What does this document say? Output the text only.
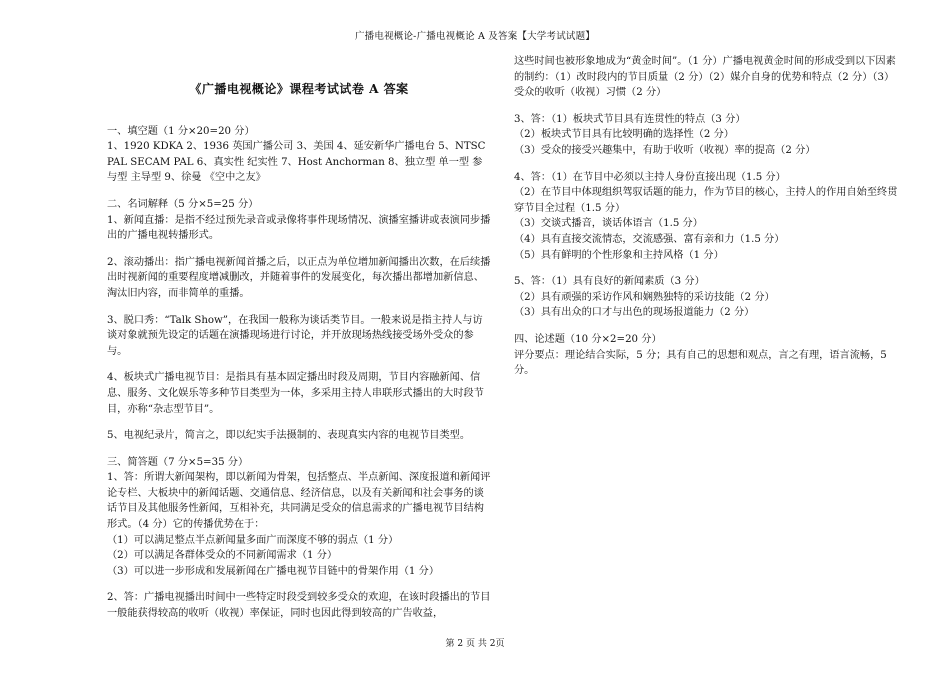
广播电视概论-广播电视概论 A 及答案【大学考试试题】
《广播电视概论》课程考试试卷 A 答案

一、填空题（1 分×20=20 分）

1、1920 KDKA 2、1936 英国广播公司 3、美国 4、延安新华广播电台 5、NTSC PAL SECAM PAL 6、真实性 纪实性 7、Host Anchorman 8、独立型 单一型 参与型 主导型 9、徐曼 《空中之友》

二、名词解释（5 分×5=25 分）

1、新闻直播：是指不经过预先录音或录像将事件现场情况、演播室播讲或表演同步播出的广播电视转播形式。

2、滚动播出：指广播电视新闻首播之后，以正点为单位增加新闻播出次数，在后续播出时视新闻的重要程度增减删改，并随着事件的发展变化，每次播出都增加新信息、淘汰旧内容，而非简单的重播。

3、脱口秀：“Talk Show”，在我国一般称为谈话类节目。一般来说是指主持人与访谈对象就预先设定的话题在演播现场进行讨论，并开放现场热线接受场外受众的参与。

4、板块式广播电视节目：是指具有基本固定播出时段及周期，节目内容融新闻、信息、服务、文化娱乐等多种节目类型为一体，多采用主持人串联形式播出的大时段节目，亦称“杂志型节目”。

5、电视纪录片，简言之，即以纪实手法摄制的、表现真实内容的电视节目类型。

三、简答题（7 分×5=35 分）

1、答：所谓大新闻架构，即以新闻为骨架，包括整点、半点新闻、深度报道和新闻评论专栏、大板块中的新闻话题、交通信息、经济信息，以及有关新闻和社会事务的谈话节目及其他服务性新闻，互相补充，共同满足受众的信息需求的广播电视节目结构形式。（4 分）它的传播优势在于：

（1）可以满足整点半点新闻量多面广而深度不够的弱点（1 分）

（2）可以满足各群体受众的不同新闻需求（1 分）

（3）可以进一步形成和发展新闻在广播电视节目链中的骨架作用（1 分）

2、答：广播电视播出时间中一些特定时段受到较多受众的欢迎，在该时段播出的节目一般能获得较高的收听（收视）率保证，同时也因此得到较高的广告收益，

这些时间也被形象地成为“黄金时间”。（1 分）广播电视黄金时间的形成受到以下因素的制约：（1）改时段内的节目质量（2 分）（2）媒介自身的优势和特点（2 分）（3）受众的收听（收视）习惯（2 分）

3、答：（1）板块式节目具有连贯性的特点（3 分）

（2）板块式节目具有比较明确的选择性（2 分）

（3）受众的接受兴趣集中，有助于收听（收视）率的提高（2 分）

4、答：（1）在节目中必须以主持人身份直接出现（1.5 分）

（2）在节目中体现组织驾驭话题的能力，作为节目的核心，主持人的作用自始至终贯穿节目全过程（1.5 分）

（3）交谈式播音，谈话体语言（1.5 分）

（4）具有直接交流情态，交流感强、富有亲和力（1.5 分）

（5）具有鲜明的个性形象和主持风格（1 分）

5、答：（1）具有良好的新闻素质（3 分）

（2）具有顽强的采访作风和娴熟独特的采访技能（2 分）

（3）具有出众的口才与出色的现场报道能力（2 分）

四、论述题（10 分×2=20 分）

评分要点：理论结合实际，5 分；具有自己的思想和观点，言之有理，语言流畅，5 分。

第 2 页 共 2页
